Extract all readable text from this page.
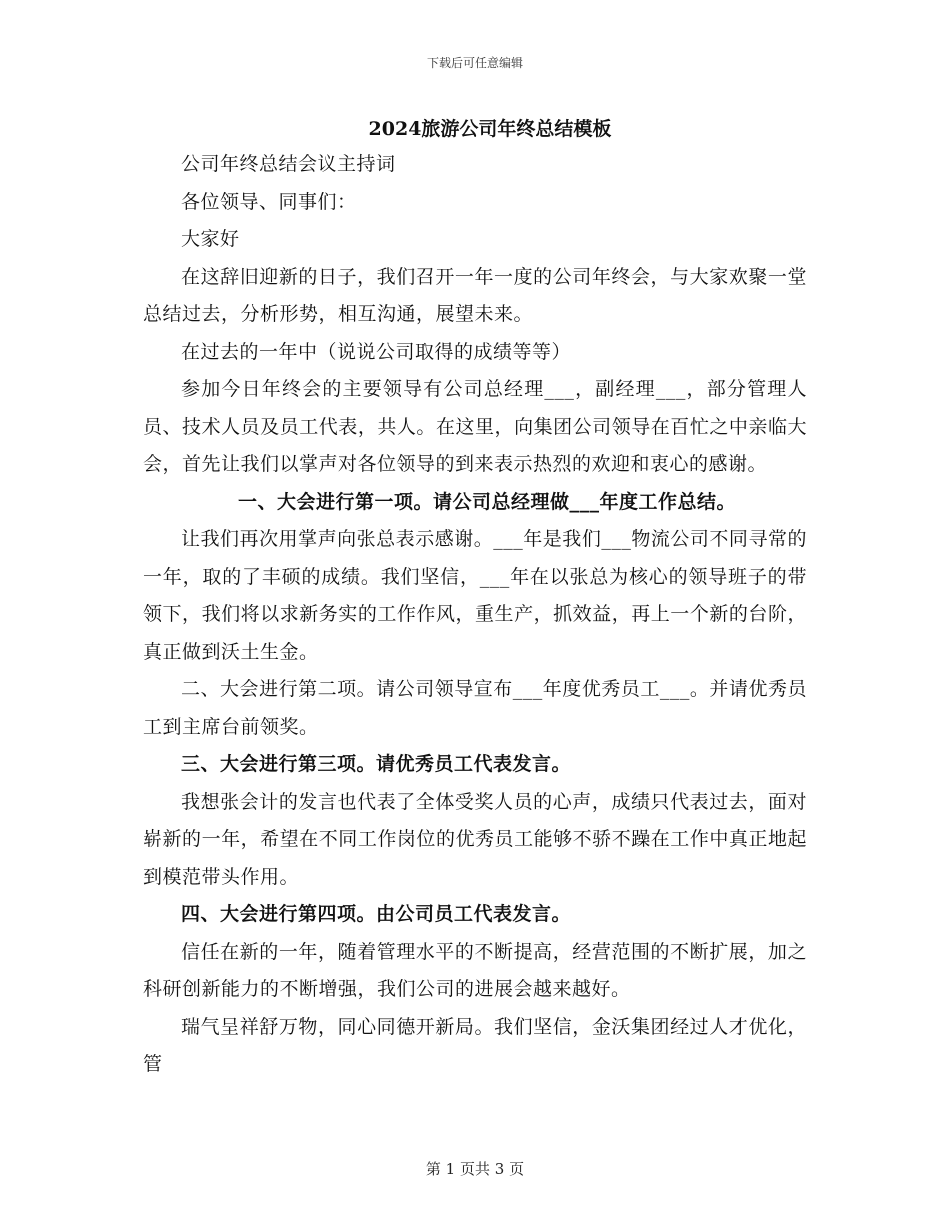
下载后可任意编辑
2024旅游公司年终总结模板

公司年终总结会议主持词

各位领导、同事们：

大家好

在这辞旧迎新的日子，我们召开一年一度的公司年终会，与大家欢聚一堂总结过去，分析形势，相互沟通，展望未来。

在过去的一年中（说说公司取得的成绩等等）

参加今日年终会的主要领导有公司总经理___，副经理___，部分管理人员、技术人员及员工代表，共人。在这里，向集团公司领导在百忙之中亲临大会，首先让我们以掌声对各位领导的到来表示热烈的欢迎和衷心的感谢。

一、大会进行第一项。请公司总经理做___年度工作总结。

让我们再次用掌声向张总表示感谢。___年是我们___物流公司不同寻常的一年，取的了丰硕的成绩。我们坚信，___年在以张总为核心的领导班子的带领下，我们将以求新务实的工作作风，重生产，抓效益，再上一个新的台阶，真正做到沃土生金。

二、大会进行第二项。请公司领导宣布___年度优秀员工___。并请优秀员工到主席台前领奖。

三、大会进行第三项。请优秀员工代表发言。

我想张会计的发言也代表了全体受奖人员的心声，成绩只代表过去，面对崭新的一年，希望在不同工作岗位的优秀员工能够不骄不躁在工作中真正地起到模范带头作用。

四、大会进行第四项。由公司员工代表发言。

信任在新的一年，随着管理水平的不断提高，经营范围的不断扩展，加之科研创新能力的不断增强，我们公司的进展会越来越好。

瑞气呈祥舒万物，同心同德开新局。我们坚信，金沃集团经过人才优化，管

第 1 页共 3 页
